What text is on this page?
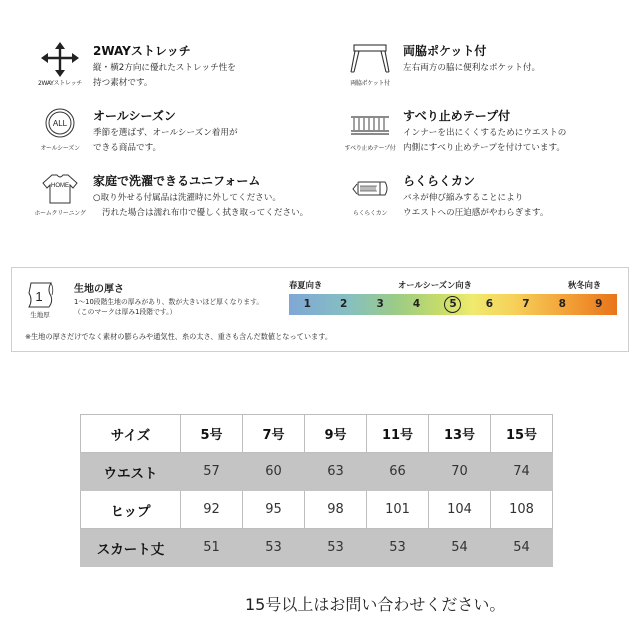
2WAYストレッチ
2WAYストレッチ
縦・横2方向に優れたストレッチ性を
持つ素材です。
ALL
オールシーズン
オールシーズン
季節を選ばず、オールシーズン着用が
できる商品です。
HOME
ホームクリーニング
家庭で洗濯できるユニフォーム
○取り外せる付属品は洗濯時に外してください。
汚れた場合は濡れ布巾で優しく拭き取ってください。
両脇ポケット付
両脇ポケット付
左右両方の脇に便利なポケット付。
すべり止めテープ付
すべり止めテープ付
インナーを出にくくするためにウエストの
内側にすべり止めテープを付けています。
らくらくカン
らくらくカン
バネが伸び縮みすることにより
ウエストへの圧迫感がやわらぎます。
1
生地厚
生地の厚さ
1～10段階生地の厚みがあり、数が大きいほど厚くなります。
（このマークは厚み1段階です。）
春夏向き	オールシーズン向き	秋冬向き
1	2	3	4	5	6	7	8	9
※生地の厚さだけでなく素材の膨らみや通気性、糸の太さ、重さも含んだ数値となっています。
サイズ	5号	7号	9号	11号	13号	15号
ウエスト	57	60	63	66	70	74
ヒップ	92	95	98	101	104	108
スカート丈	51	53	53	53	54	54
15号以上はお問い合わせください。
